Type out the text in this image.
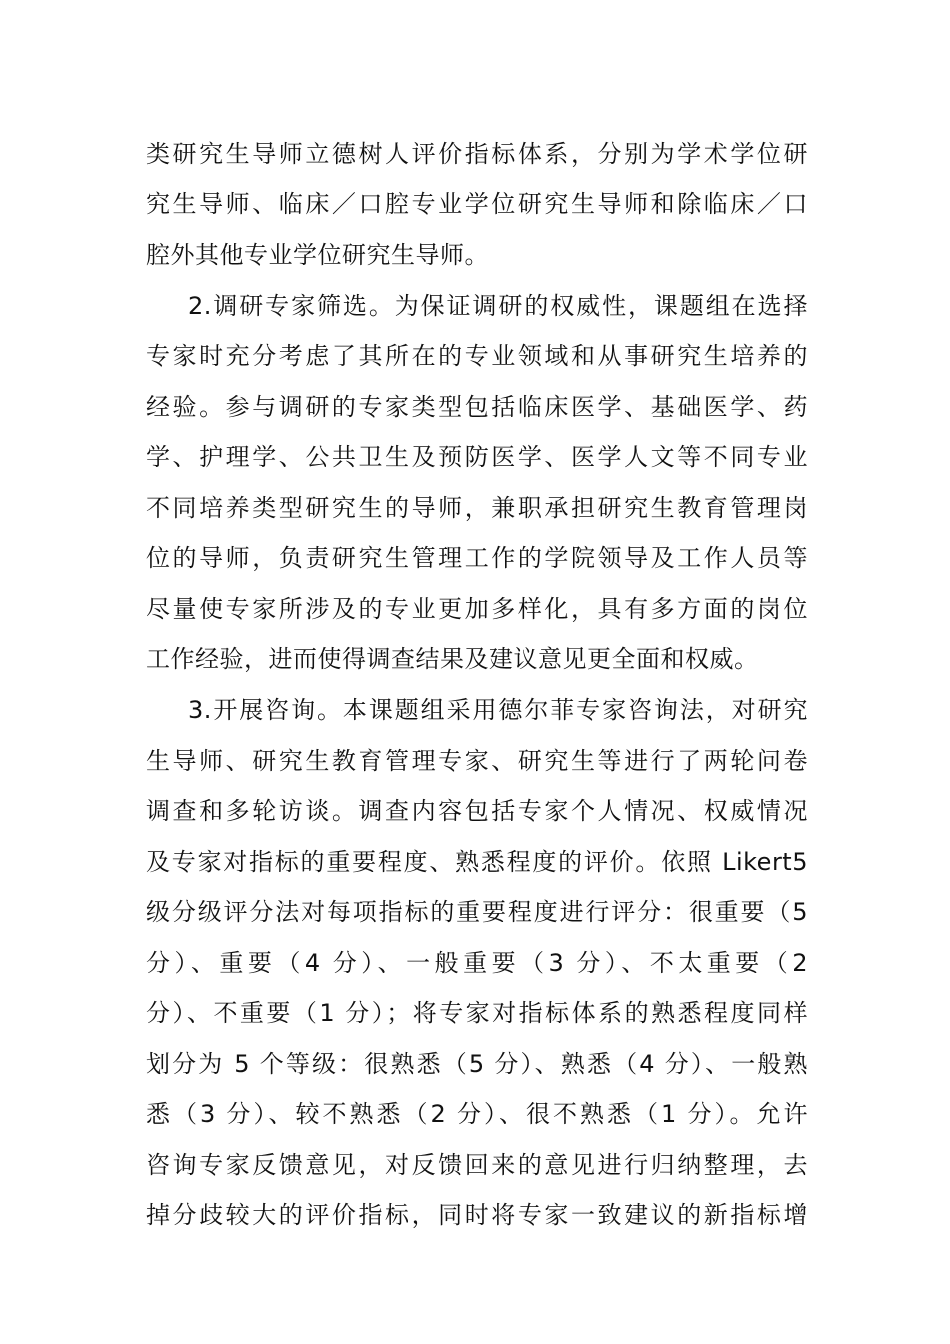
类研究生导师立德树人评价指标体系，分别为学术学位研
究生导师、临床／口腔专业学位研究生导师和除临床／口
腔外其他专业学位研究生导师。
2.调研专家筛选。为保证调研的权威性，课题组在选择
专家时充分考虑了其所在的专业领域和从事研究生培养的
经验。参与调研的专家类型包括临床医学、基础医学、药
学、护理学、公共卫生及预防医学、医学人文等不同专业
不同培养类型研究生的导师，兼职承担研究生教育管理岗
位的导师，负责研究生管理工作的学院领导及工作人员等
尽量使专家所涉及的专业更加多样化，具有多方面的岗位
工作经验，进而使得调查结果及建议意见更全面和权威。
3.开展咨询。本课题组采用德尔菲专家咨询法，对研究
生导师、研究生教育管理专家、研究生等进行了两轮问卷
调查和多轮访谈。调查内容包括专家个人情况、权威情况
及专家对指标的重要程度、熟悉程度的评价。依照 Likert5
级分级评分法对每项指标的重要程度进行评分：很重要（5
分）、重要（4 分）、一般重要（3 分）、不太重要（2
分）、不重要（1 分）；将专家对指标体系的熟悉程度同样
划分为 5 个等级：很熟悉（5 分）、熟悉（4 分）、一般熟
悉（3 分）、较不熟悉（2 分）、很不熟悉（1 分）。允许
咨询专家反馈意见，对反馈回来的意见进行归纳整理，去
掉分歧较大的评价指标，同时将专家一致建议的新指标增
